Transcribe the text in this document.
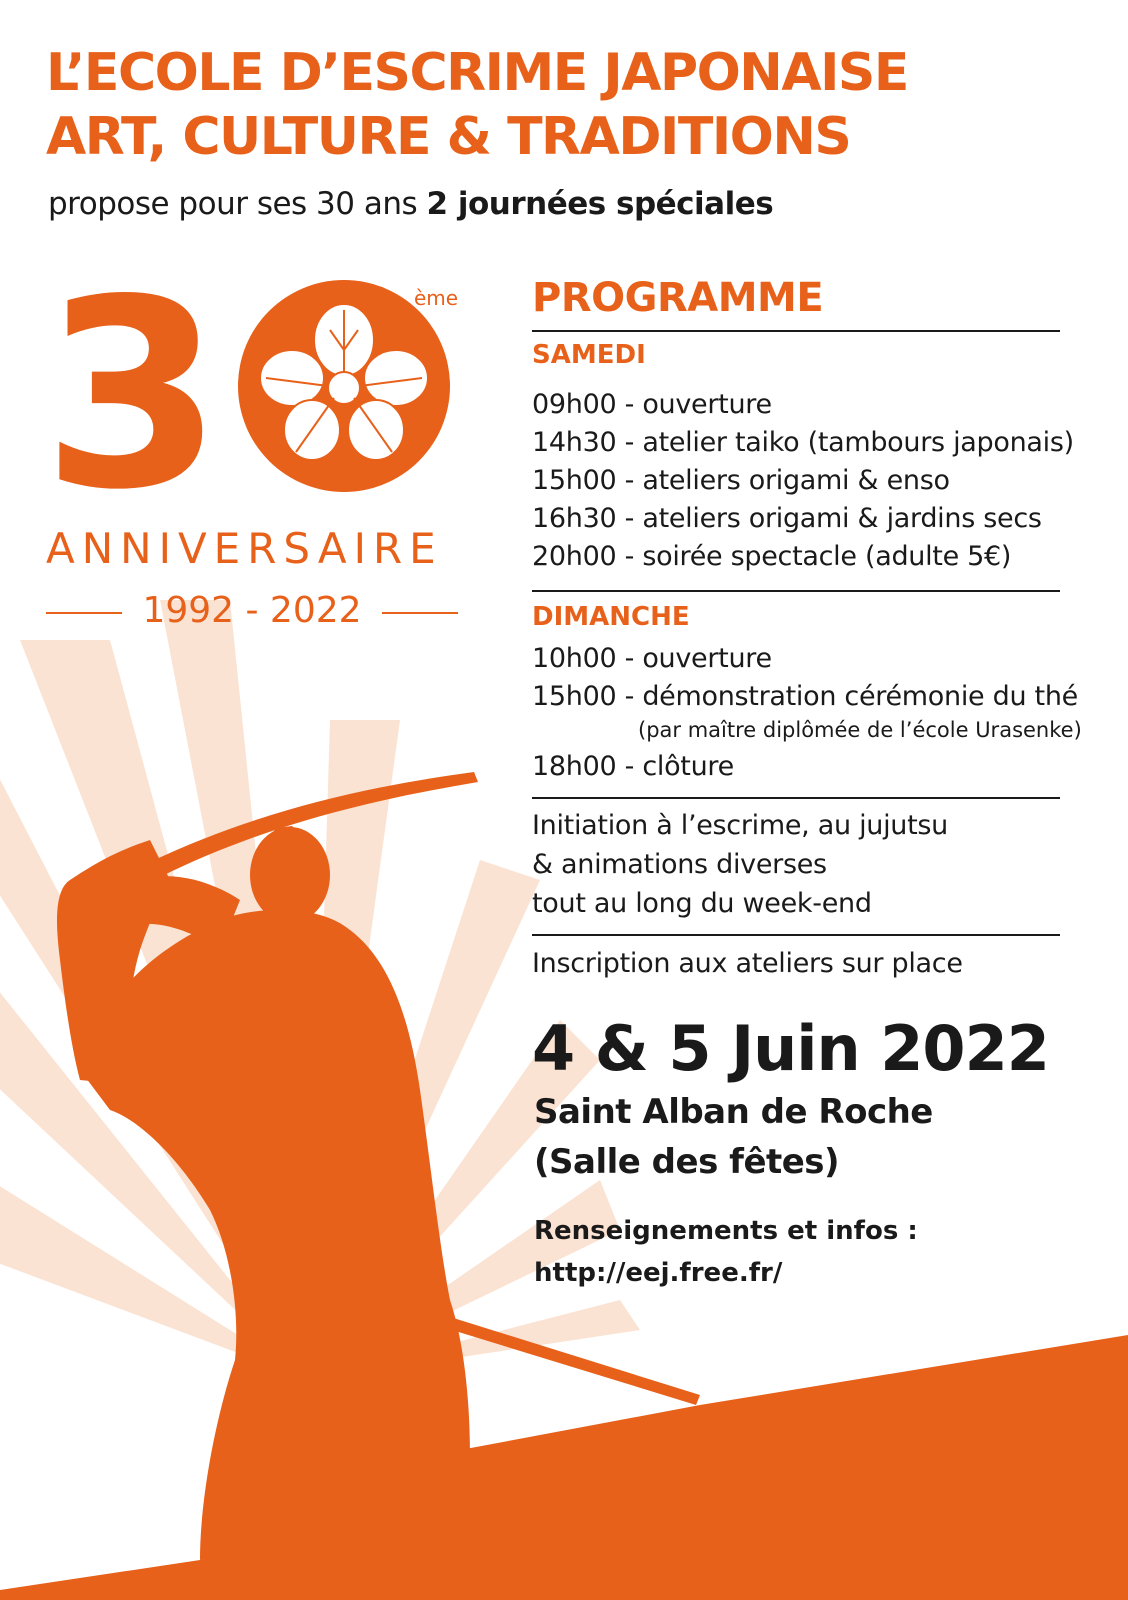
L’ECOLE D’ESCRIME JAPONAISE
ART, CULTURE & TRADITIONS
propose pour ses 30 ans 2 journées spéciales
3	ème
ANNIVERSAIRE
1992 - 2022
PROGRAMME
SAMEDI
09h00 - ouverture
14h30 - atelier taiko (tambours japonais)
15h00 - ateliers origami & enso
16h30 - ateliers origami & jardins secs
20h00 - soirée spectacle (adulte 5€)
DIMANCHE
10h00 - ouverture
15h00 - démonstration cérémonie du thé
(par maître diplômée de l’école Urasenke)
18h00 - clôture
Initiation à l’escrime, au jujutsu
& animations diverses
tout au long du week-end
Inscription aux ateliers sur place
4 & 5 Juin 2022
Saint Alban de Roche
(Salle des fêtes)
Renseignements et infos :
http://eej.free.fr/
